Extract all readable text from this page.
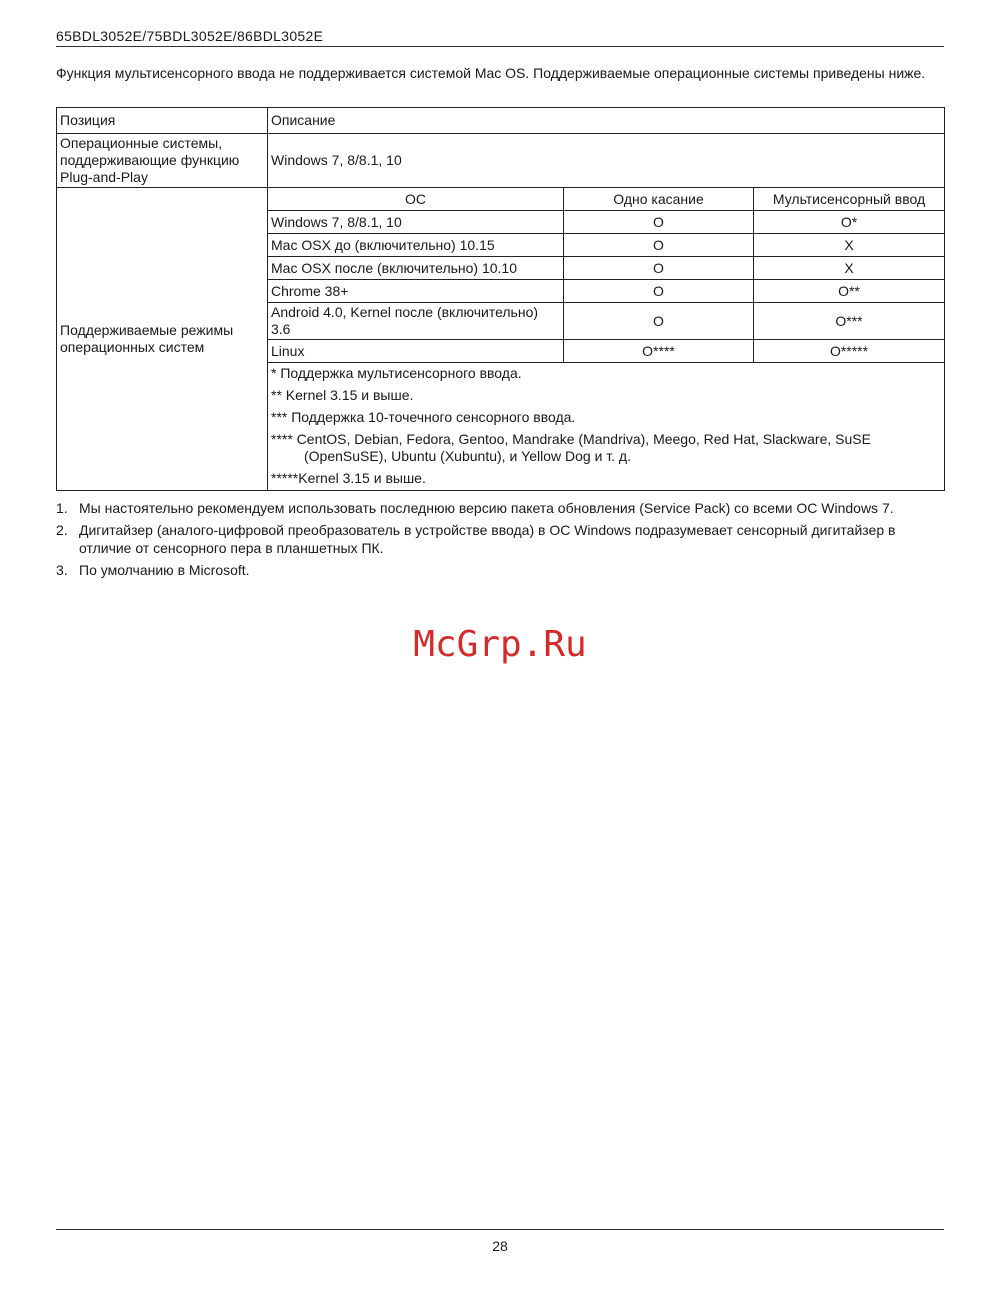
65BDL3052E/75BDL3052E/86BDL3052E
Функция мультисенсорного ввода не поддерживается системой Mac OS. Поддерживаемые операционные системы приведены ниже.
Позиция	Описание		
Операционные системы, поддерживающие функцию Plug-and-Play	Windows 7, 8/8.1, 10		
Поддерживаемые режимы операционных систем	ОС	Одно касание	Мультисенсорный ввод
	Windows 7, 8/8.1, 10	O	O*
	Mac OSX до (включительно) 10.15	O	X
	Mac OSX после (включительно) 10.10	O	X
	Chrome 38+	O	O**
	Android 4.0, Kernel после (включительно) 3.6	O	O***
	Linux	O****	O*****

	* Поддержка мультисенсорного ввода.
** Kernel 3.15 и выше.
*** Поддержка 10-точечного сенсорного ввода.
**** CentOS, Debian, Fedora, Gentoo, Mandrake (Mandriva), Meego, Red Hat, Slackware, SuSE (OpenSuSE), Ubuntu (Xubuntu), и Yellow Dog и т. д.
*****Kernel 3.15 и выше.		
1. Мы настоятельно рекомендуем использовать последнюю версию пакета обновления (Service Pack) со всеми ОС Windows 7.
2. Дигитайзер (аналого-цифровой преобразователь в устройстве ввода) в ОС Windows подразумевает сенсорный дигитайзер в отличие от сенсорного пера в планшетных ПК.
3. По умолчанию в Microsoft.
McGrp.Ru
28
